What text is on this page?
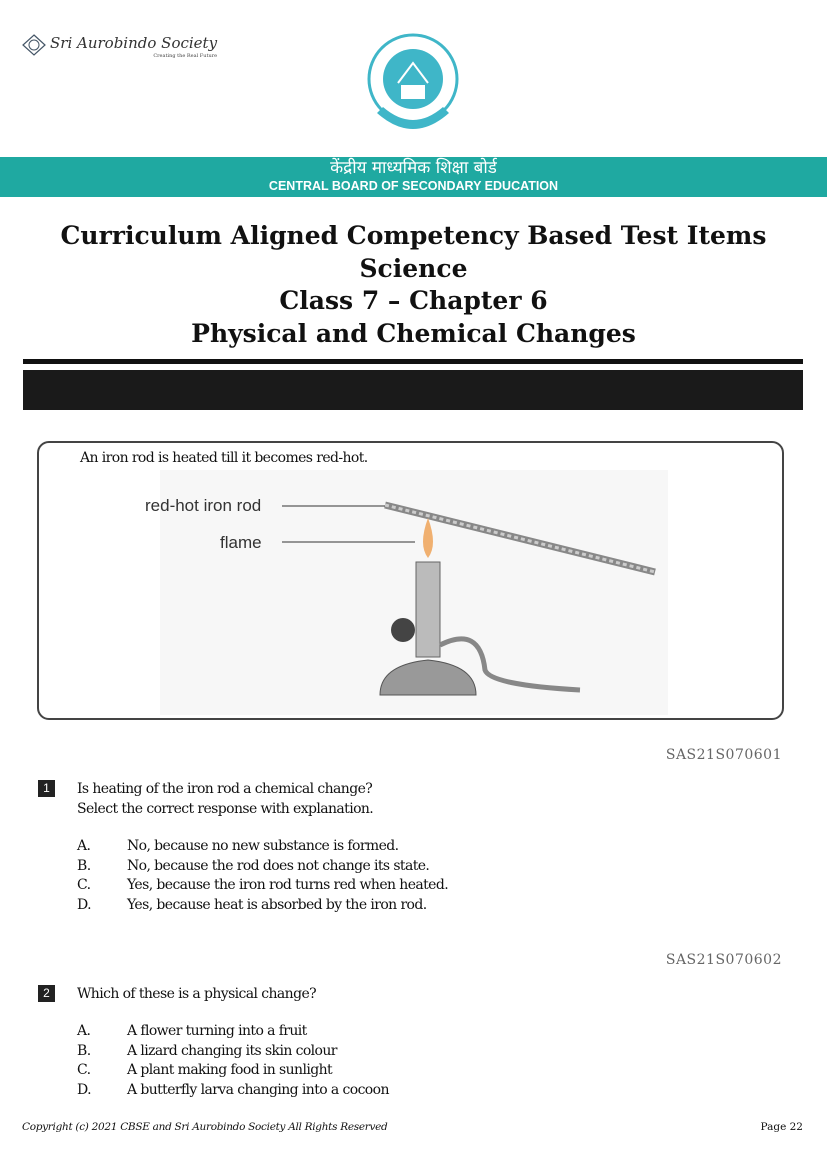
Sri Aurobindo Society
Creating the Real Future
केंद्रीय माध्यमिक शिक्षा बोर्ड
CENTRAL BOARD OF SECONDARY EDUCATION
Curriculum Aligned Competency Based Test Items
Science
Class 7 – Chapter 6
Physical and Chemical Changes
An iron rod is heated till it becomes red-hot.
red-hot iron rod
flame
SAS21S070601
1	Is heating of the iron rod a chemical change?
Select the correct response with explanation.
A.	No, because no new substance is formed.
B.	No, because the rod does not change its state.
C.	Yes, because the iron rod turns red when heated.
D.	Yes, because heat is absorbed by the iron rod.
SAS21S070602
2	Which of these is a physical change?
A.	A flower turning into a fruit
B.	A lizard changing its skin colour
C.	A plant making food in sunlight
D.	A butterfly larva changing into a cocoon
Copyright (c) 2021 CBSE and Sri Aurobindo Society All Rights Reserved	Page 22
